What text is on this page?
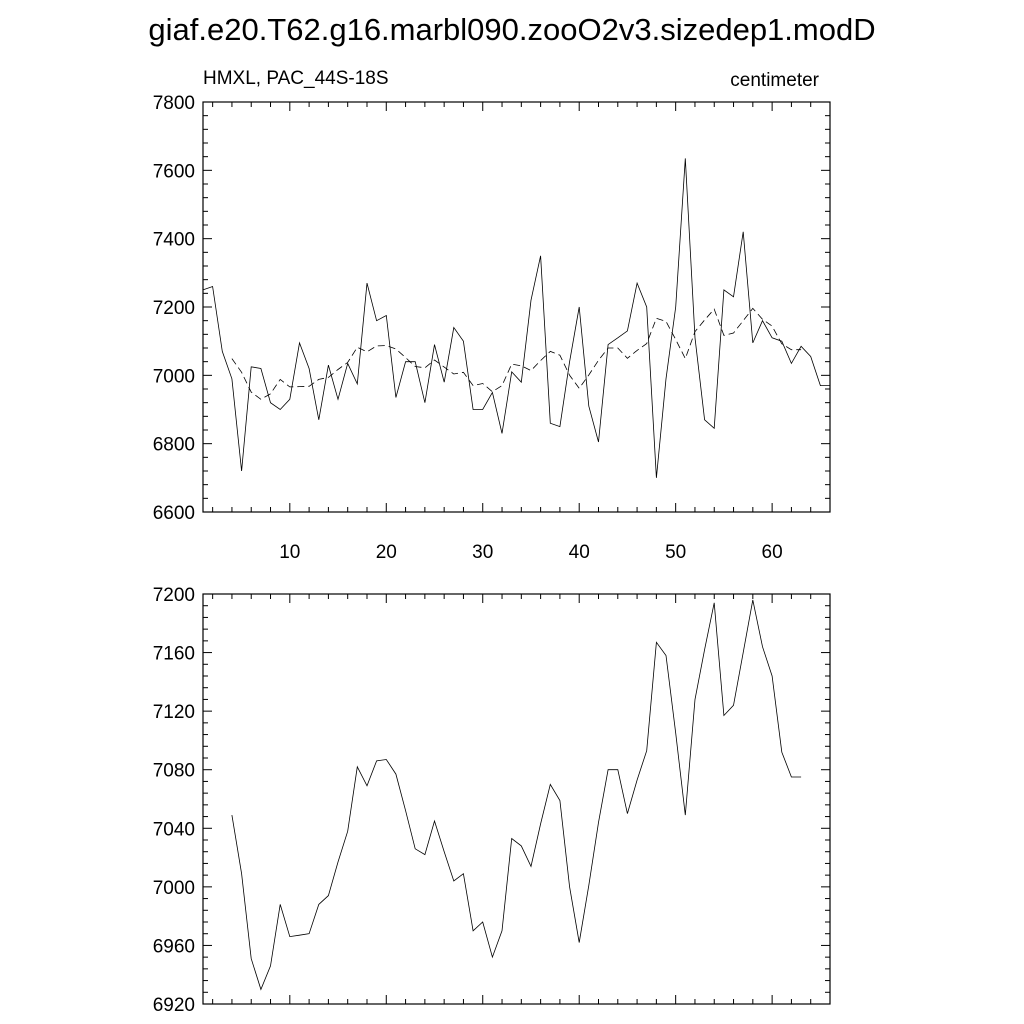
giaf.e20.T62.g16.marbl090.zooO2v3.sizedep1.modD
HMXL, PAC_44S-18S	centimeter
6600
6800
7000
7200
7400
7600
7800
10	20	30	40	50	60
6920
6960
7000
7040
7080
7120
7160
7200
